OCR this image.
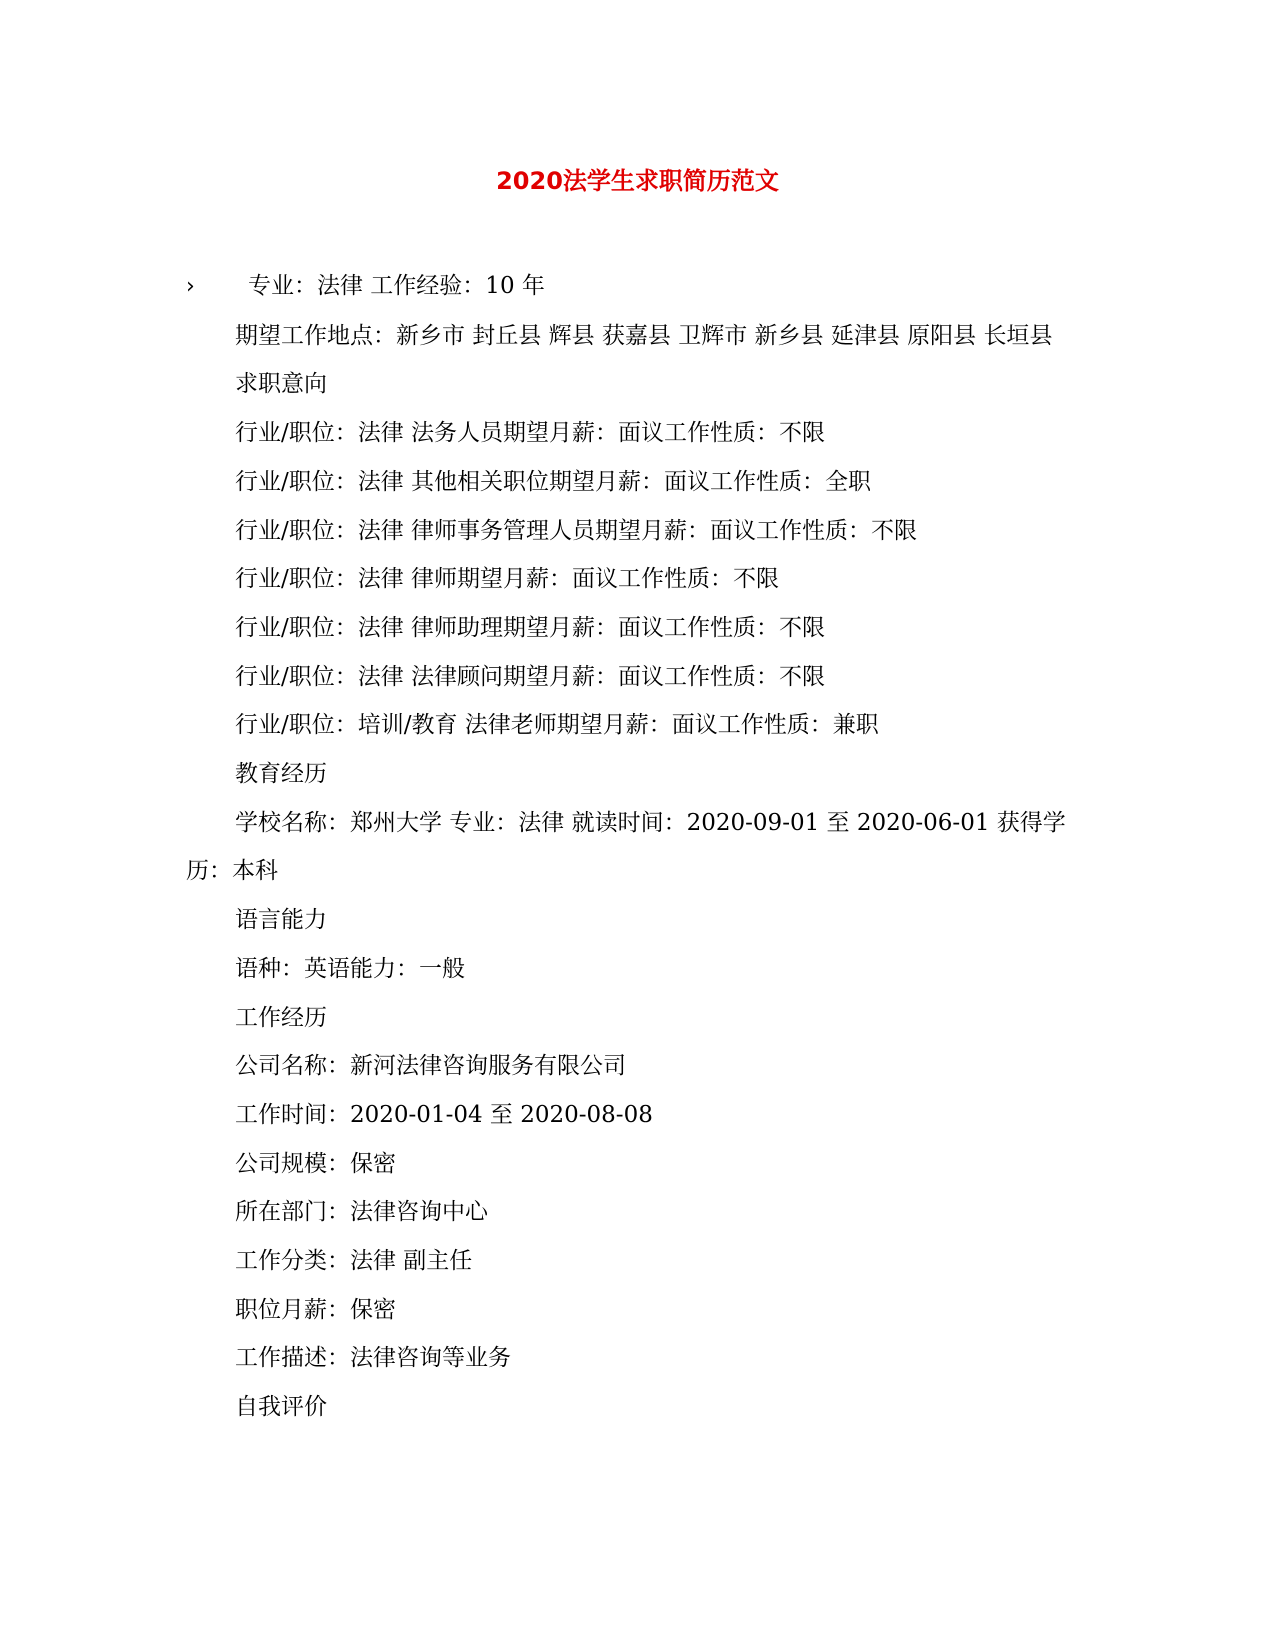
2020法学生求职简历范文

› 专业：法律 工作经验：10 年

期望工作地点：新乡市 封丘县 辉县 获嘉县 卫辉市 新乡县 延津县 原阳县 长垣县

求职意向

行业/职位：法律 法务人员期望月薪：面议工作性质：不限

行业/职位：法律 其他相关职位期望月薪：面议工作性质：全职

行业/职位：法律 律师事务管理人员期望月薪：面议工作性质：不限

行业/职位：法律 律师期望月薪：面议工作性质：不限

行业/职位：法律 律师助理期望月薪：面议工作性质：不限

行业/职位：法律 法律顾问期望月薪：面议工作性质：不限

行业/职位：培训/教育 法律老师期望月薪：面议工作性质：兼职

教育经历

学校名称：郑州大学 专业：法律 就读时间：2020-09-01 至 2020-06-01 获得学历：本科

语言能力

语种：英语能力：一般

工作经历

公司名称：新河法律咨询服务有限公司

工作时间：2020-01-04 至 2020-08-08

公司规模：保密

所在部门：法律咨询中心

工作分类：法律 副主任

职位月薪：保密

工作描述：法律咨询等业务

自我评价
